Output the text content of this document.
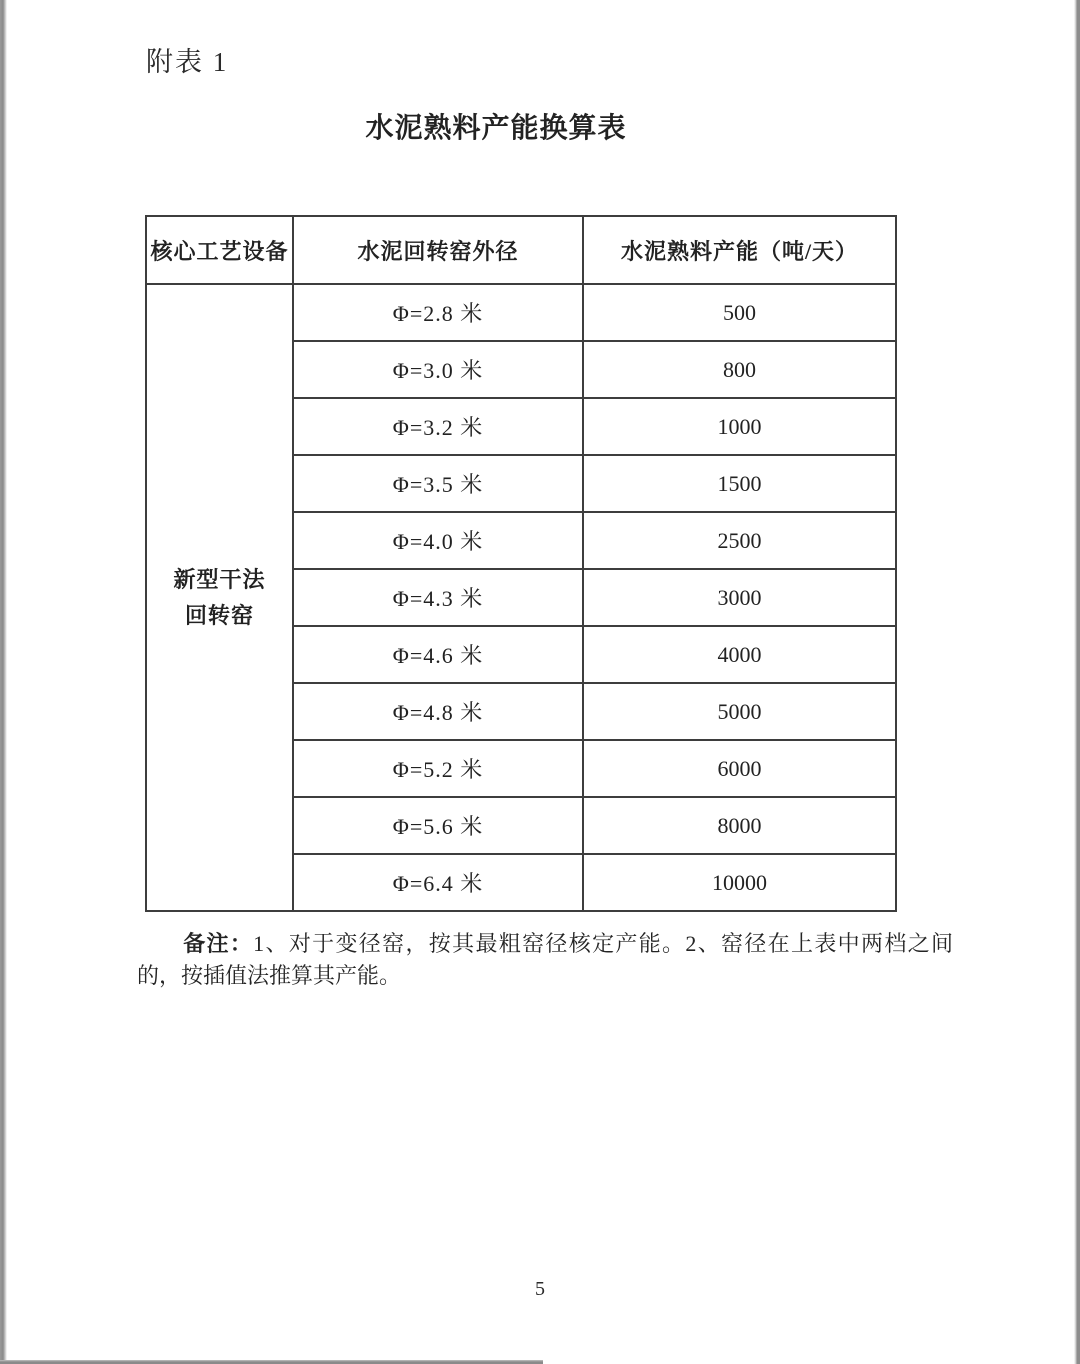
附表 1
水泥熟料产能换算表
核心工艺设备	水泥回转窑外径	水泥熟料产能（吨/天）

新型干法
回转窑	Φ=2.8 米	500
	Φ=3.0 米	800
	Φ=3.2 米	1000
	Φ=3.5 米	1500
	Φ=4.0 米	2500
	Φ=4.3 米	3000
	Φ=4.6 米	4000
	Φ=4.8 米	5000
	Φ=5.2 米	6000
	Φ=5.6 米	8000
	Φ=6.4 米	10000

备注：1、对于变径窑，按其最粗窑径核定产能。2、窑径在上表中两档之间的，按插值法推算其产能。

5
